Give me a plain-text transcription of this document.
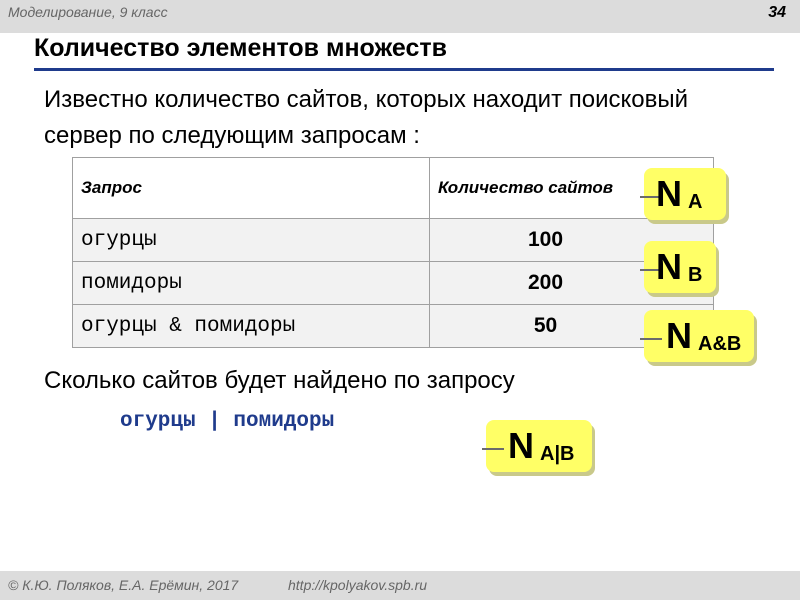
Моделирование, 9 класс	34
Количество элементов множеств
Известно количество сайтов, которых находит поисковый сервер по следующим запросам :
Запрос	Количество сайтов
огурцы	100
помидоры	200
огурцы & помидоры	50
N A
N B
N A&B
Сколько сайтов будет найдено по запросу
огурцы | помидоры
N A|B
© К.Ю. Поляков, Е.А. Ерёмин, 2017	http://kpolyakov.spb.ru
